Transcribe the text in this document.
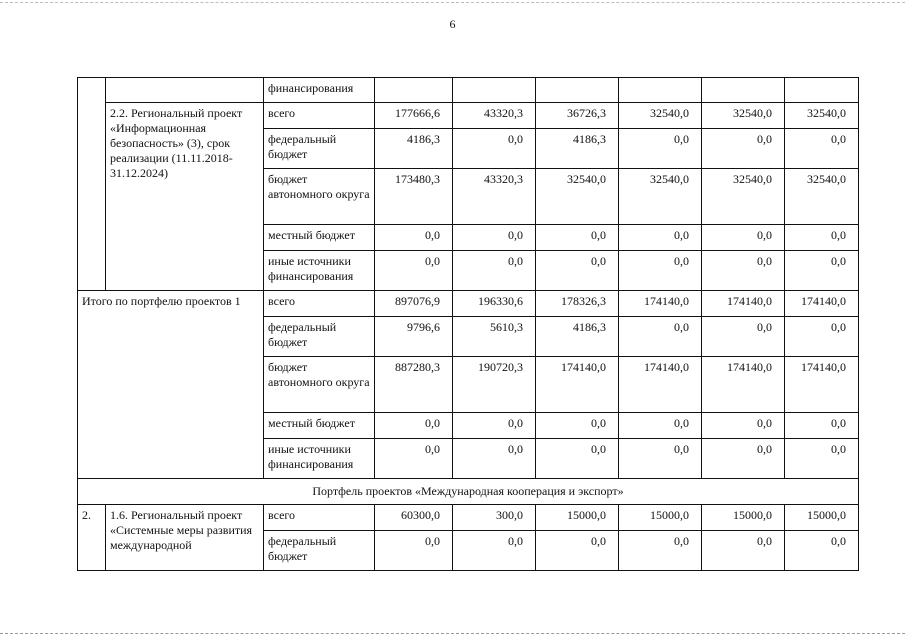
6
		финансирования						
	2.2. Региональный проект «Информационная безопасность» (3), срок реализации (11.11.2018-31.12.2024)	всего	177666,6	43320,3	36726,3	32540,0	32540,0	32540,0
		федеральный бюджет	4186,3	0,0	4186,3	0,0	0,0	0,0
		бюджет автономного округа	173480,3	43320,3	32540,0	32540,0	32540,0	32540,0
		местный бюджет	0,0	0,0	0,0	0,0	0,0	0,0
		иные источники финансирования	0,0	0,0	0,0	0,0	0,0	0,0
Итого по портфелю проектов 1		всего	897076,9	196330,6	178326,3	174140,0	174140,0	174140,0
		федеральный бюджет	9796,6	5610,3	4186,3	0,0	0,0	0,0
		бюджет автономного округа	887280,3	190720,3	174140,0	174140,0	174140,0	174140,0
		местный бюджет	0,0	0,0	0,0	0,0	0,0	0,0
		иные источники финансирования	0,0	0,0	0,0	0,0	0,0	0,0
Портфель проектов «Международная кооперация и экспорт»								
2.	1.6. Региональный проект «Системные меры развития международной	всего	60300,0	300,0	15000,0	15000,0	15000,0	15000,0
		федеральный бюджет	0,0	0,0	0,0	0,0	0,0	0,0
